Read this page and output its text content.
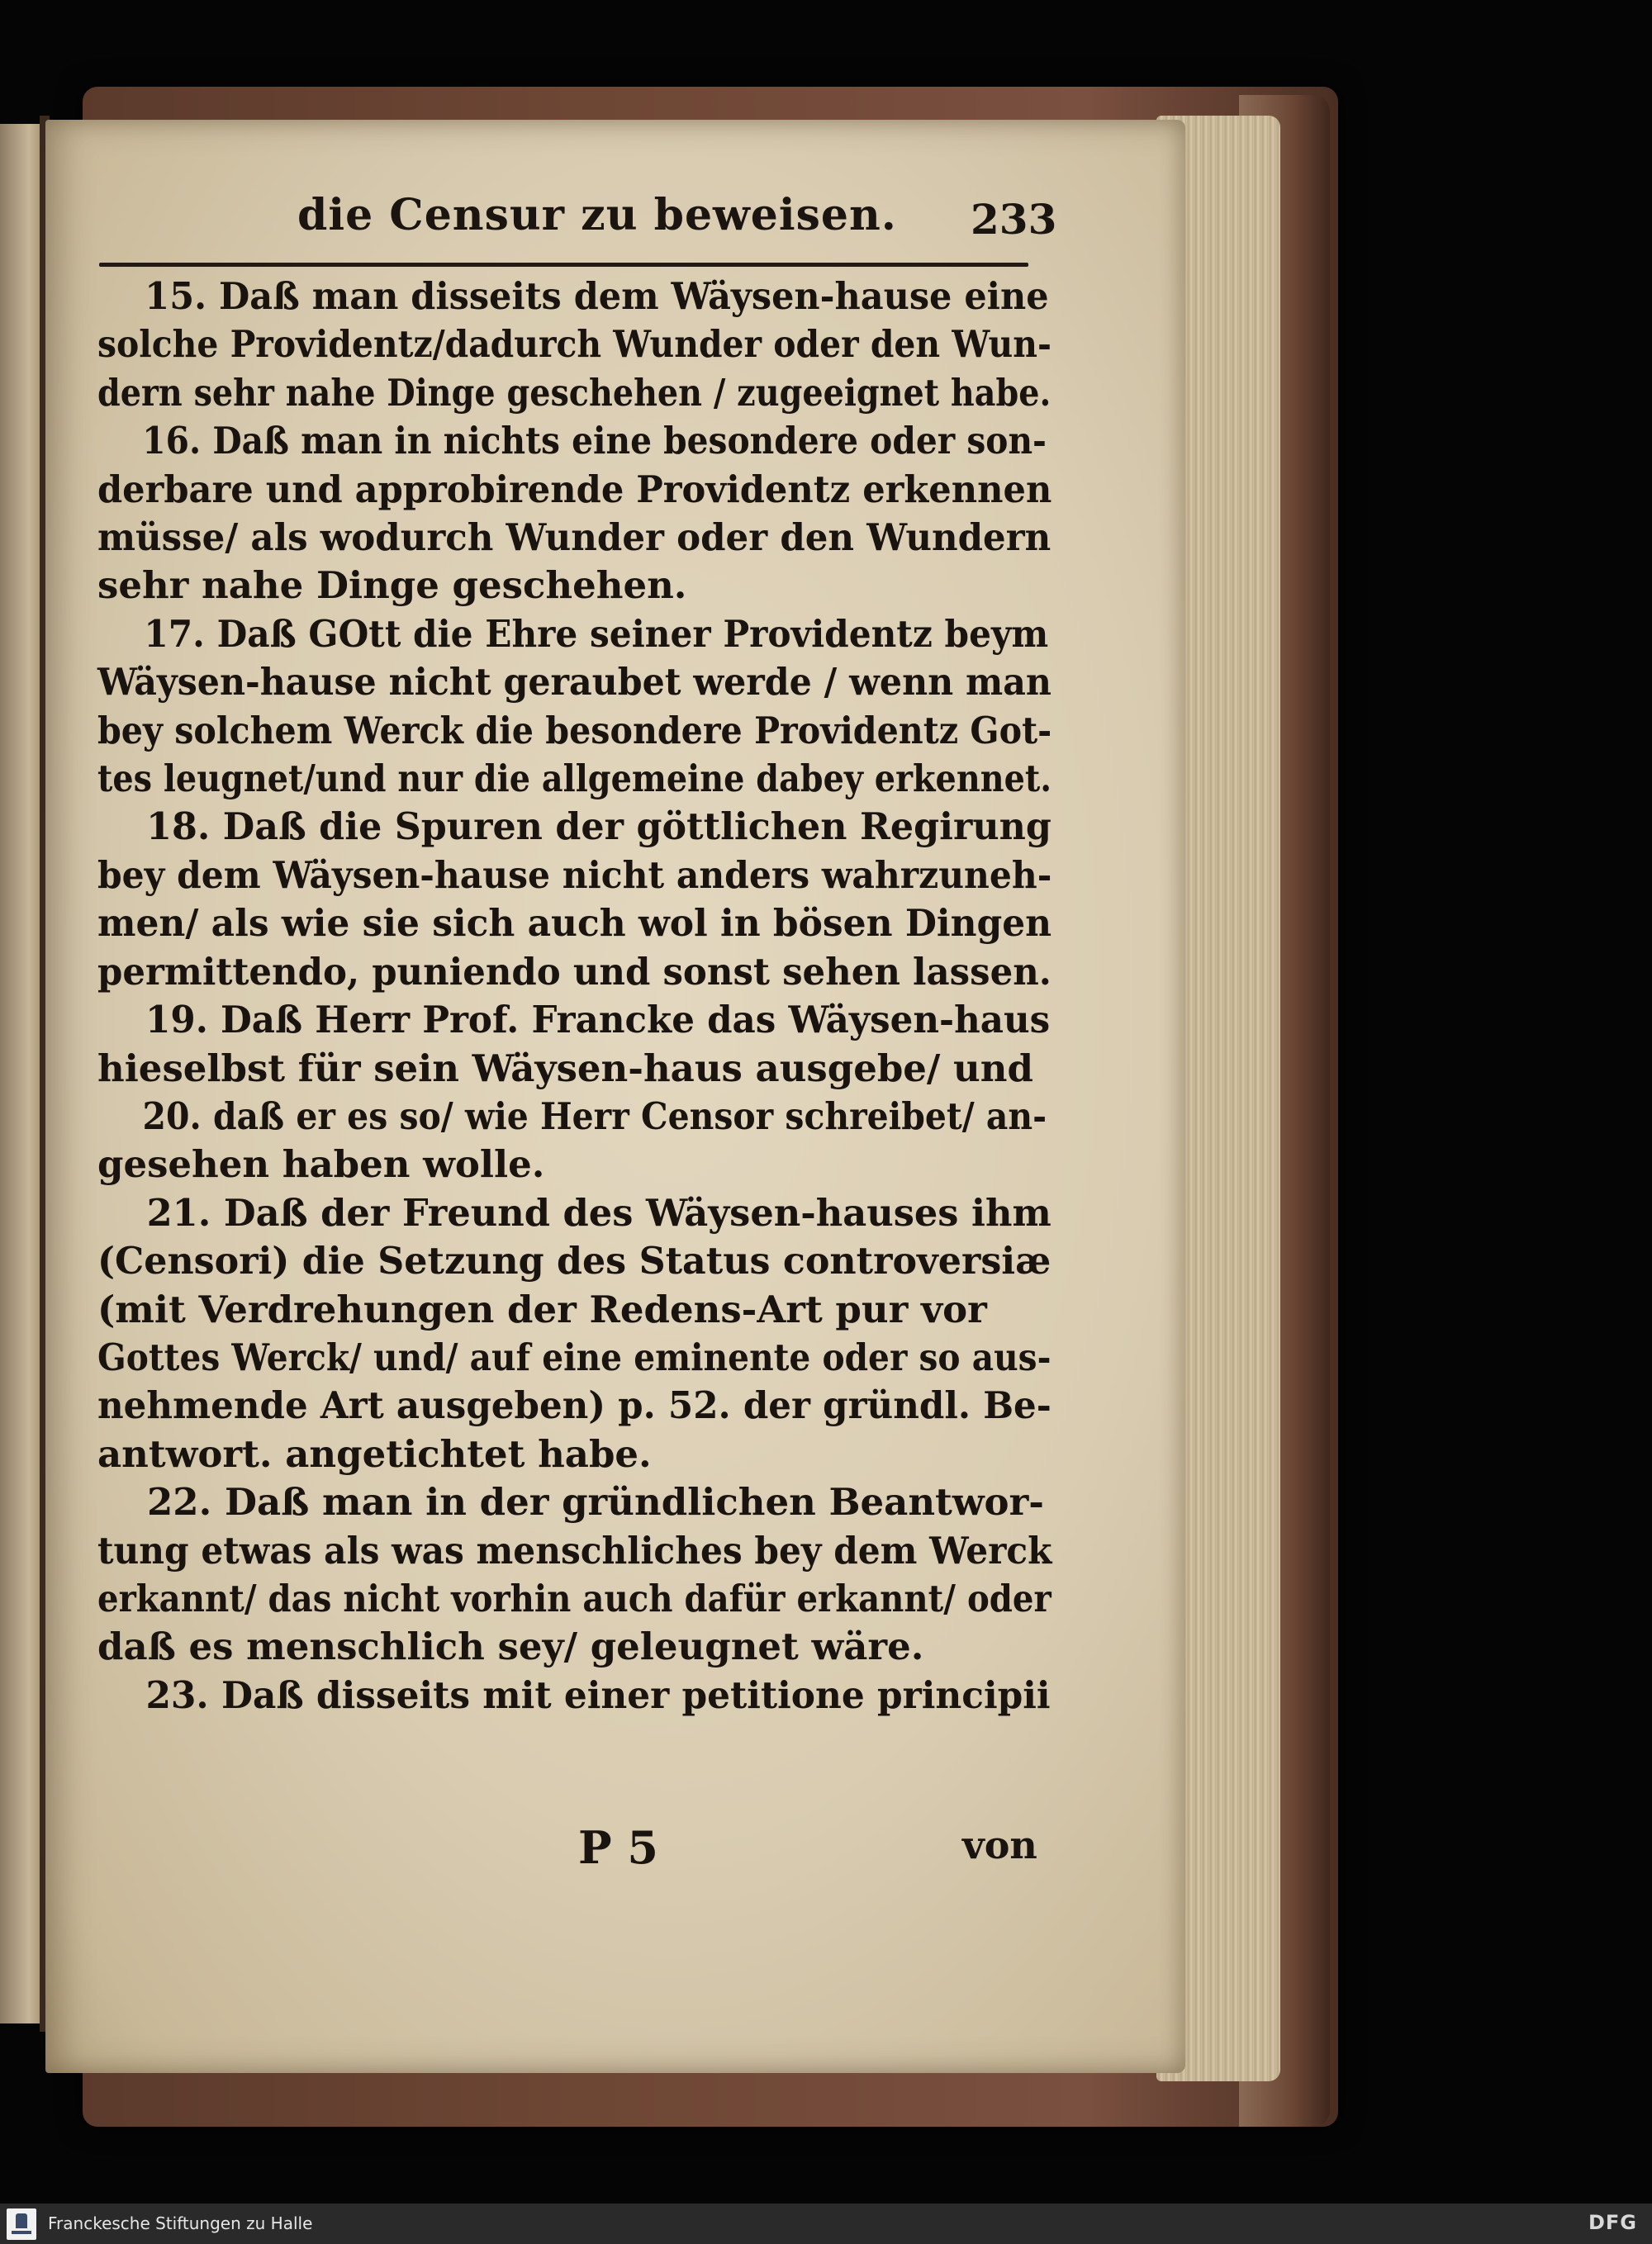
die Censur zu beweisen. 233
15. Daß man disseits dem Wäysen-hause eine
solche Providentz/dadurch Wunder oder den Wun-
dern sehr nahe Dinge geschehen / zugeeignet habe.
16. Daß man in nichts eine besondere oder son-
derbare und approbirende Providentz erkennen
müsse/ als wodurch Wunder oder den Wundern
sehr nahe Dinge geschehen.
17. Daß GOtt die Ehre seiner Providentz beym
Wäysen-hause nicht geraubet werde / wenn man
bey solchem Werck die besondere Providentz Got-
tes leugnet/und nur die allgemeine dabey erkennet.
18. Daß die Spuren der göttlichen Regirung
bey dem Wäysen-hause nicht anders wahrzuneh-
men/ als wie sie sich auch wol in bösen Dingen
permittendo, puniendo und sonst sehen lassen.
19. Daß Herr Prof. Francke das Wäysen-haus
hieselbst für sein Wäysen-haus ausgebe/ und
20. daß er es so/ wie Herr Censor schreibet/ an-
gesehen haben wolle.
21. Daß der Freund des Wäysen-hauses ihm
(Censori) die Setzung des Status controversiæ
(mit Verdrehungen der Redens-Art pur vor
Gottes Werck/ und/ auf eine eminente oder so aus-
nehmende Art ausgeben) p. 52. der gründl. Be-
antwort. angetichtet habe.
22. Daß man in der gründlichen Beantwor-
tung etwas als was menschliches bey dem Werck
erkannt/ das nicht vorhin auch dafür erkannt/ oder
daß es menschlich sey/ geleugnet wäre.
23. Daß disseits mit einer petitione principii
P 5	von
Franckesche Stiftungen zu Halle	DFG
